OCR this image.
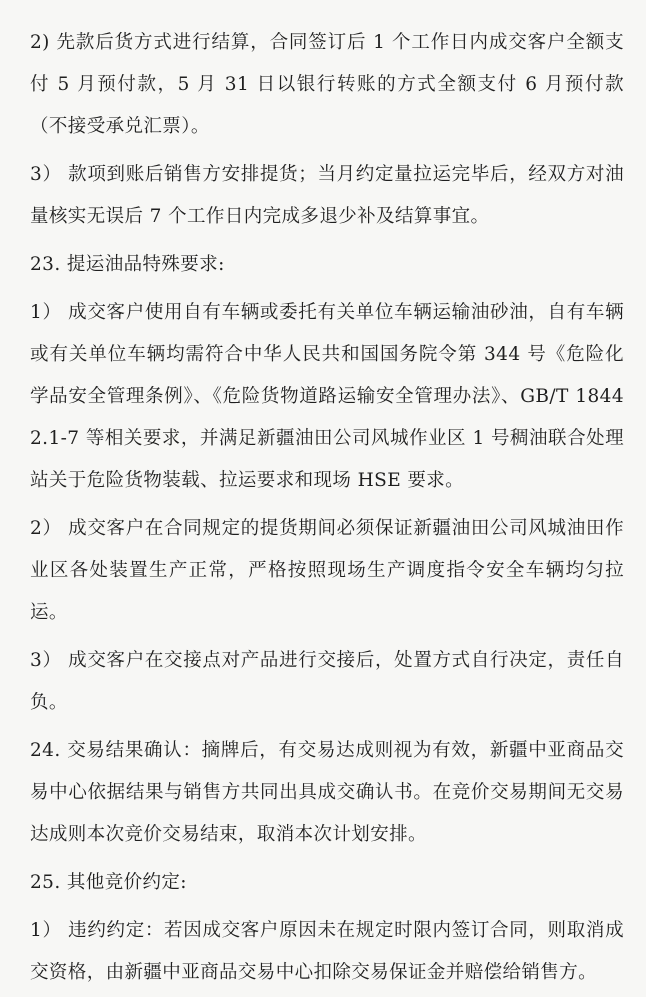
2) 先款后货方式进行结算，合同签订后 1 个工作日内成交客户全额支付 5 月预付款，5 月 31 日以银行转账的方式全额支付 6 月预付款（不接受承兑汇票）。

3） 款项到账后销售方安排提货；当月约定量拉运完毕后，经双方对油量核实无误后 7 个工作日内完成多退少补及结算事宜。

23. 提运油品特殊要求:

1） 成交客户使用自有车辆或委托有关单位车辆运输油砂油，自有车辆或有关单位车辆均需符合中华人民共和国国务院令第 344 号《危险化学品安全管理条例》、《危险货物道路运输安全管理办法》、GB/T 18442.1-7 等相关要求，并满足新疆油田公司风城作业区 1 号稠油联合处理站关于危险货物装载、拉运要求和现场 HSE 要求。

2） 成交客户在合同规定的提货期间必须保证新疆油田公司风城油田作业区各处装置生产正常，严格按照现场生产调度指令安全车辆均匀拉运。

3） 成交客户在交接点对产品进行交接后，处置方式自行决定，责任自负。

24. 交易结果确认：摘牌后，有交易达成则视为有效，新疆中亚商品交易中心依据结果与销售方共同出具成交确认书。在竞价交易期间无交易达成则本次竞价交易结束，取消本次计划安排。

25. 其他竞价约定:

1） 违约约定：若因成交客户原因未在规定时限内签订合同，则取消成交资格，由新疆中亚商品交易中心扣除交易保证金并赔偿给销售方。
